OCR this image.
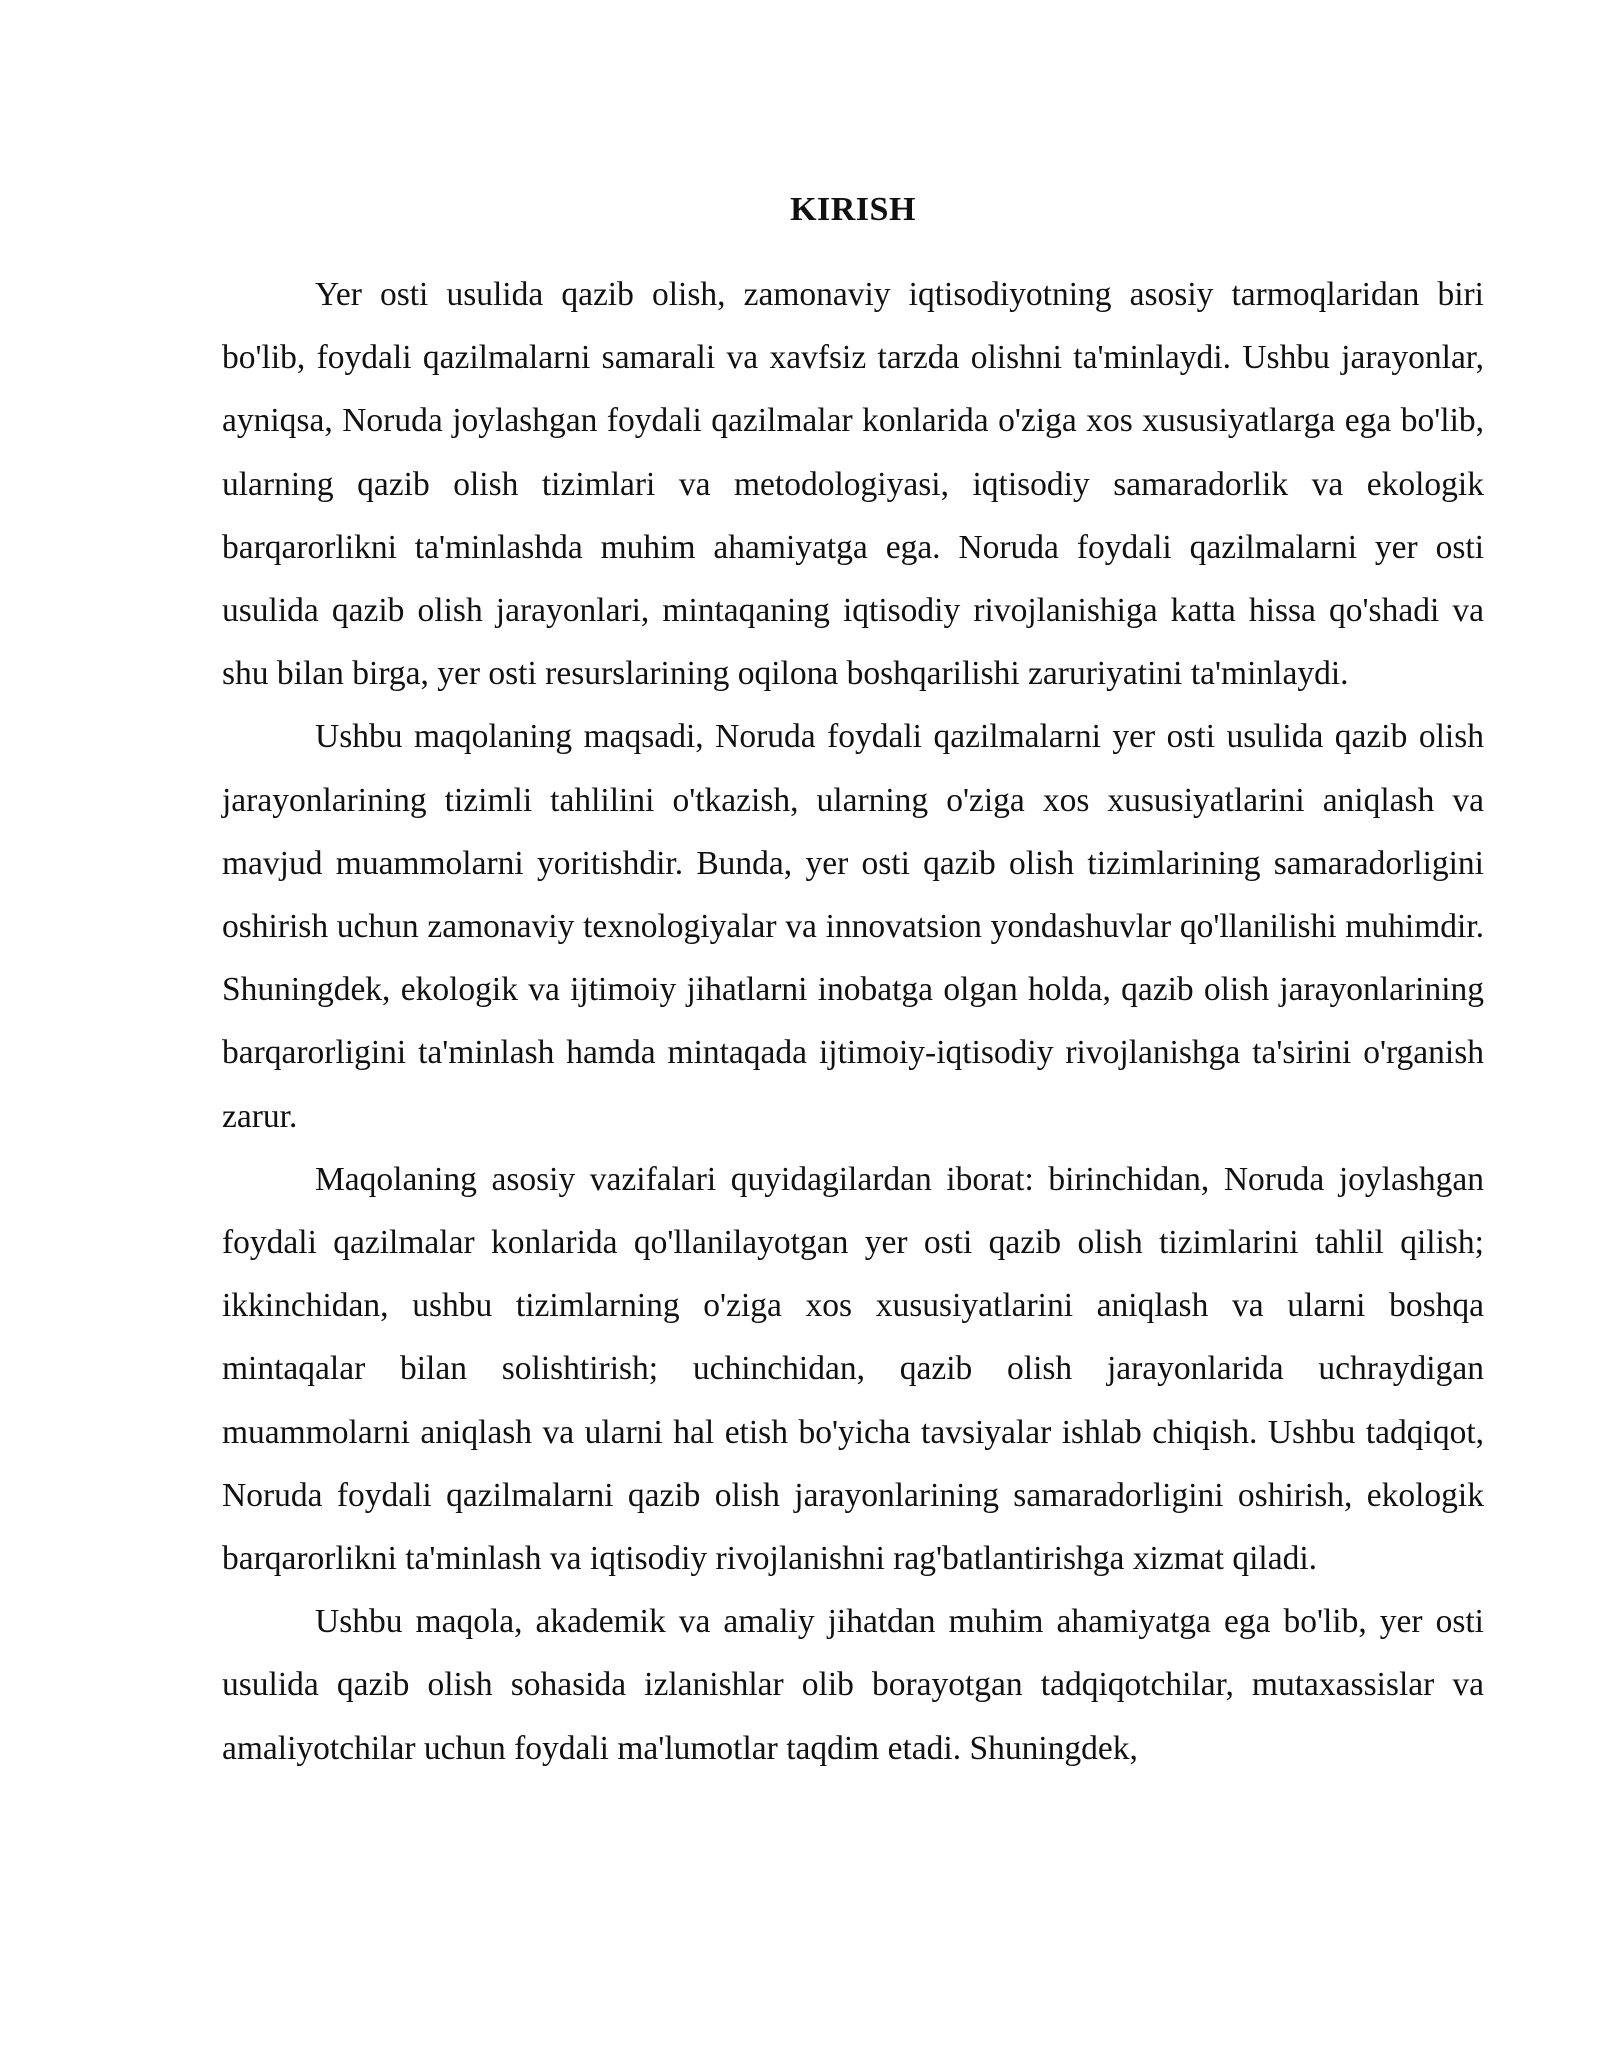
KIRISH

Yer osti usulida qazib olish, zamonaviy iqtisodiyotning asosiy tarmoqlaridan biri bo'lib, foydali qazilmalarni samarali va xavfsiz tarzda olishni ta'minlaydi. Ushbu jarayonlar, ayniqsa, Noruda joylashgan foydali qazilmalar konlarida o'ziga xos xususiyatlarga ega bo'lib, ularning qazib olish tizimlari va metodologiyasi, iqtisodiy samaradorlik va ekologik barqarorlikni ta'minlashda muhim ahamiyatga ega. Noruda foydali qazilmalarni yer osti usulida qazib olish jarayonlari, mintaqaning iqtisodiy rivojlanishiga katta hissa qo'shadi va shu bilan birga, yer osti resurslarining oqilona boshqarilishi zaruriyatini ta'minlaydi.

Ushbu maqolaning maqsadi, Noruda foydali qazilmalarni yer osti usulida qazib olish jarayonlarining tizimli tahlilini o'tkazish, ularning o'ziga xos xususiyatlarini aniqlash va mavjud muammolarni yoritishdir. Bunda, yer osti qazib olish tizimlarining samaradorligini oshirish uchun zamonaviy texnologiyalar va innovatsion yondashuvlar qo'llanilishi muhimdir. Shuningdek, ekologik va ijtimoiy jihatlarni inobatga olgan holda, qazib olish jarayonlarining barqarorligini ta'minlash hamda mintaqada ijtimoiy-iqtisodiy rivojlanishga ta'sirini o'rganish zarur.

Maqolaning asosiy vazifalari quyidagilardan iborat: birinchidan, Noruda joylashgan foydali qazilmalar konlarida qo'llanilayotgan yer osti qazib olish tizimlarini tahlil qilish; ikkinchidan, ushbu tizimlarning o'ziga xos xususiyatlarini aniqlash va ularni boshqa mintaqalar bilan solishtirish; uchinchidan, qazib olish jarayonlarida uchraydigan muammolarni aniqlash va ularni hal etish bo'yicha tavsiyalar ishlab chiqish. Ushbu tadqiqot, Noruda foydali qazilmalarni qazib olish jarayonlarining samaradorligini oshirish, ekologik barqarorlikni ta'minlash va iqtisodiy rivojlanishni rag'batlantirishga xizmat qiladi.

Ushbu maqola, akademik va amaliy jihatdan muhim ahamiyatga ega bo'lib, yer osti usulida qazib olish sohasida izlanishlar olib borayotgan tadqiqotchilar, mutaxassislar va amaliyotchilar uchun foydali ma'lumotlar taqdim etadi. Shuningdek,
